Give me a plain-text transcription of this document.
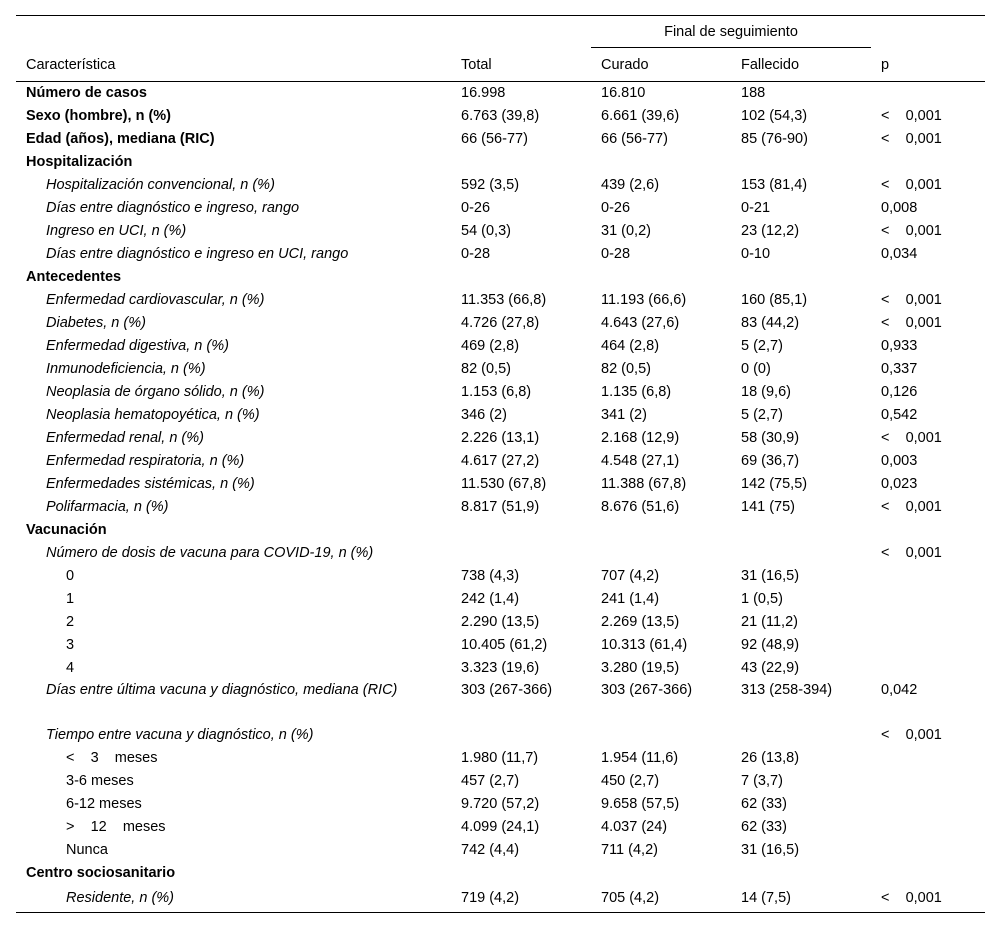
		Final de seguimiento		

Característica	Total	Curado	Fallecido	p
Número de casos	16.998	16.810	188	
Sexo (hombre), n (%)	6.763 (39,8)	6.661 (39,6)	102 (54,3)	<    0,001
Edad (años), mediana (RIC)	66 (56-77)	66 (56-77)	85 (76-90)	<    0,001
Hospitalización				
Hospitalización convencional, n (%)	592 (3,5)	439 (2,6)	153 (81,4)	<    0,001
Días entre diagnóstico e ingreso, rango	0-26	0-26	0-21	0,008
Ingreso en UCI, n (%)	54 (0,3)	31 (0,2)	23 (12,2)	<    0,001
Días entre diagnóstico e ingreso en UCI, rango	0-28	0-28	0-10	0,034
Antecedentes				
Enfermedad cardiovascular, n (%)	11.353 (66,8)	11.193 (66,6)	160 (85,1)	<    0,001
Diabetes, n (%)	4.726 (27,8)	4.643 (27,6)	83 (44,2)	<    0,001
Enfermedad digestiva, n (%)	469 (2,8)	464 (2,8)	5 (2,7)	0,933
Inmunodeficiencia, n (%)	82 (0,5)	82 (0,5)	0 (0)	0,337
Neoplasia de órgano sólido, n (%)	1.153 (6,8)	1.135 (6,8)	18 (9,6)	0,126
Neoplasia hematopoyética, n (%)	346 (2)	341 (2)	5 (2,7)	0,542
Enfermedad renal, n (%)	2.226 (13,1)	2.168 (12,9)	58 (30,9)	<    0,001
Enfermedad respiratoria, n (%)	4.617 (27,2)	4.548 (27,1)	69 (36,7)	0,003
Enfermedades sistémicas, n (%)	11.530 (67,8)	11.388 (67,8)	142 (75,5)	0,023
Polifarmacia, n (%)	8.817 (51,9)	8.676 (51,6)	141 (75)	<    0,001
Vacunación				
Número de dosis de vacuna para COVID-19, n (%)				<    0,001
0	738 (4,3)	707 (4,2)	31 (16,5)	
1	242 (1,4)	241 (1,4)	1 (0,5)	
2	2.290 (13,5)	2.269 (13,5)	21 (11,2)	
3	10.405 (61,2)	10.313 (61,4)	92 (48,9)	
4	3.323 (19,6)	3.280 (19,5)	43 (22,9)	
Días entre última vacuna y diagnóstico, mediana (RIC)	303 (267-366)	303 (267-366)	313 (258-394)	0,042
Tiempo entre vacuna y diagnóstico, n (%)				<    0,001
<    3    meses	1.980 (11,7)	1.954 (11,6)	26 (13,8)	
3-6 meses	457 (2,7)	450 (2,7)	7 (3,7)	
6-12 meses	9.720 (57,2)	9.658 (57,5)	62 (33)	
>    12    meses	4.099 (24,1)	4.037 (24)	62 (33)	
Nunca	742 (4,4)	711 (4,2)	31 (16,5)	
Centro sociosanitario				
Residente, n (%)	719 (4,2)	705 (4,2)	14 (7,5)	<    0,001
